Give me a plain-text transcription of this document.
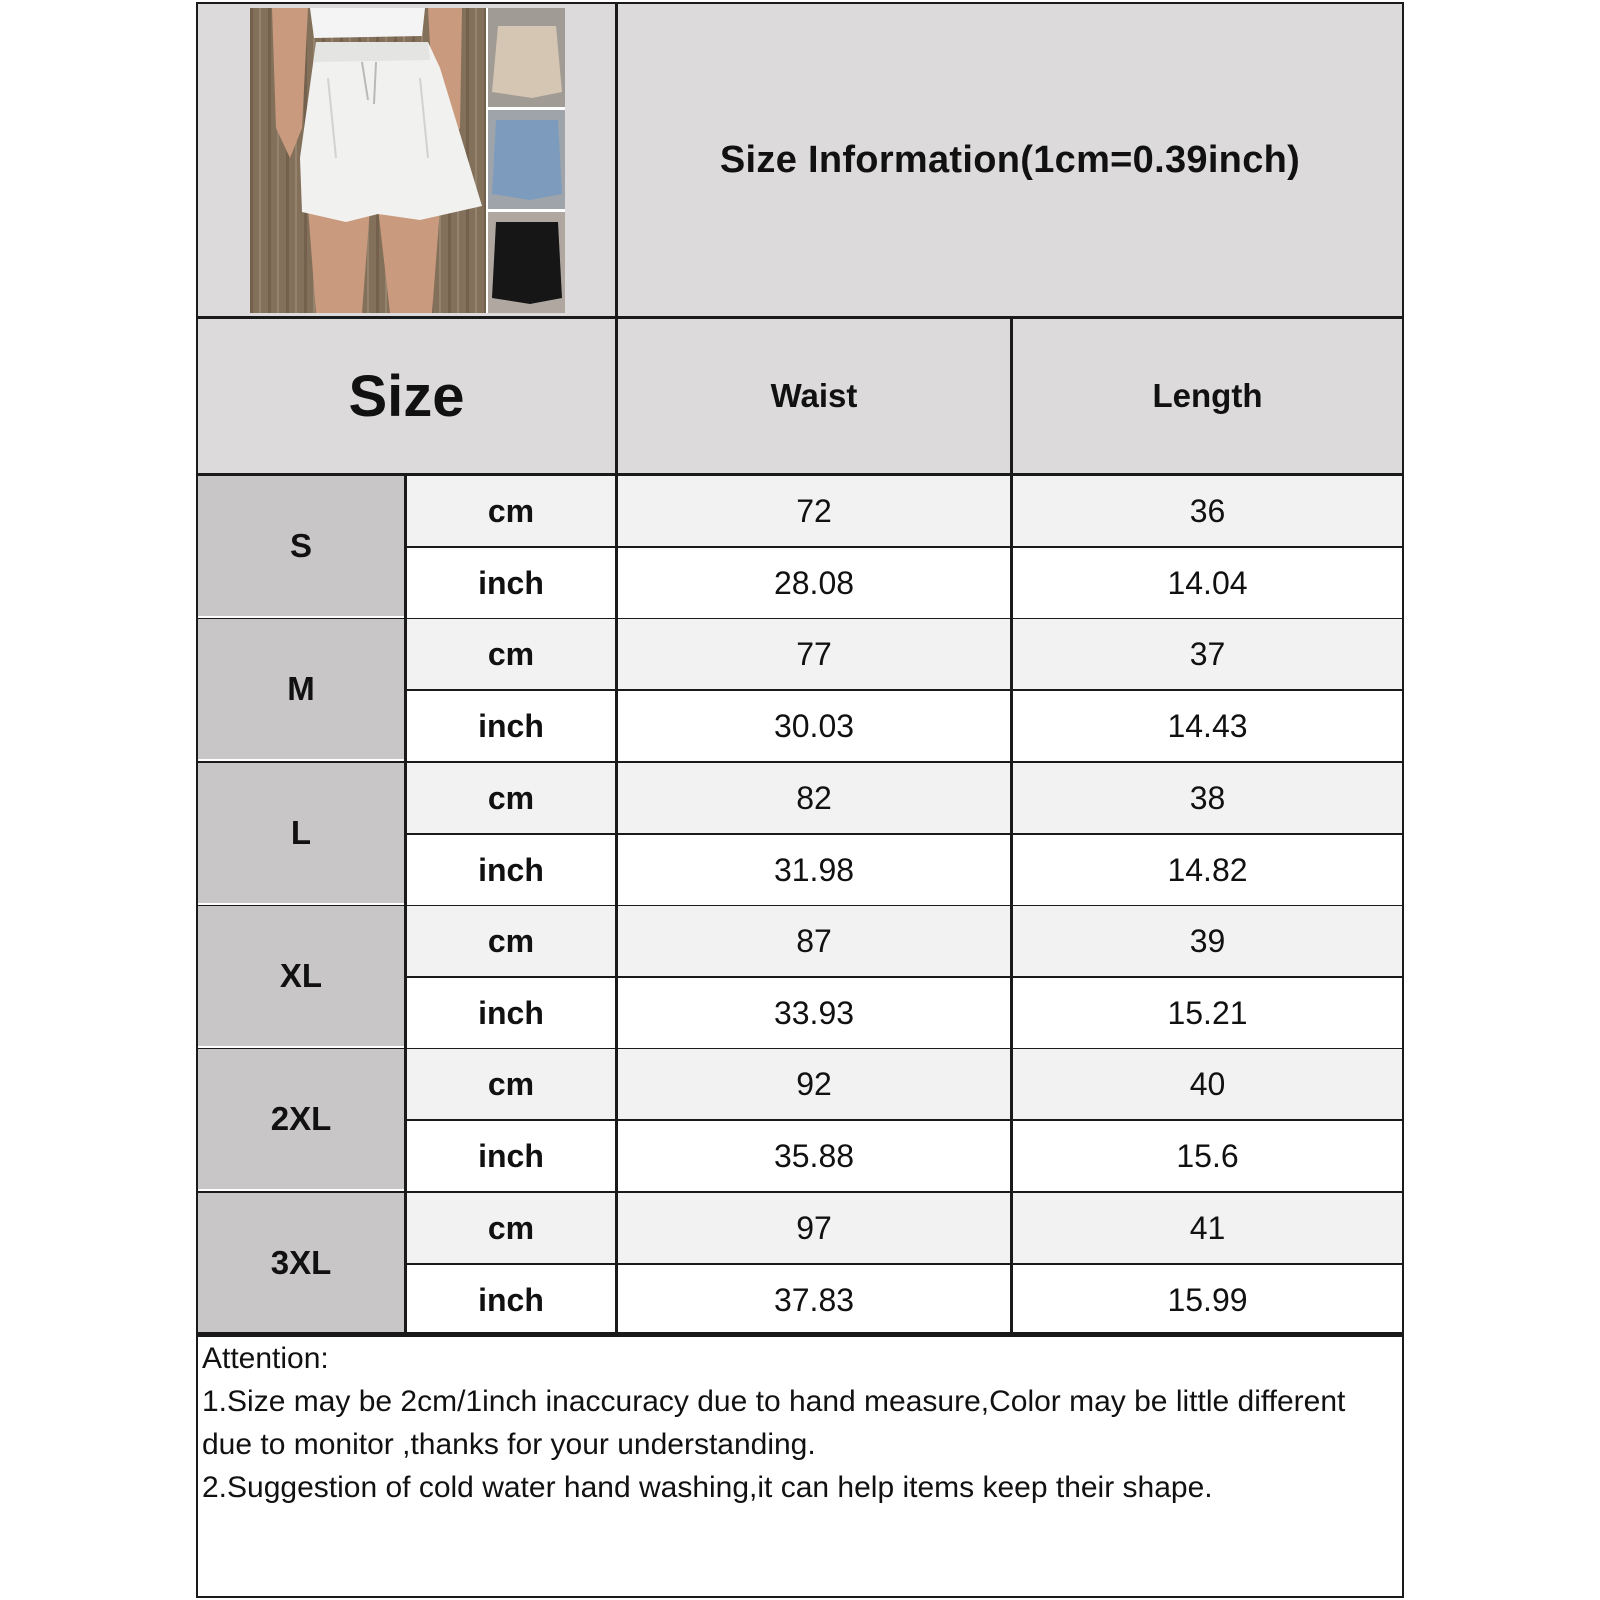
Size Information(1cm=0.39inch)
Size	Waist	Length
S
cm	72	36
inch	28.08	14.04
M
cm	77	37
inch	30.03	14.43
L
cm	82	38
inch	31.98	14.82
XL
cm	87	39
inch	33.93	15.21
2XL
cm	92	40
inch	35.88	15.6
3XL
cm	97	41
inch	37.83	15.99
Attention:
1.Size may be 2cm/1inch inaccuracy due to hand measure,Color may be little different due to monitor ,thanks for your understanding.
2.Suggestion of cold water hand washing,it can help items keep their shape.
